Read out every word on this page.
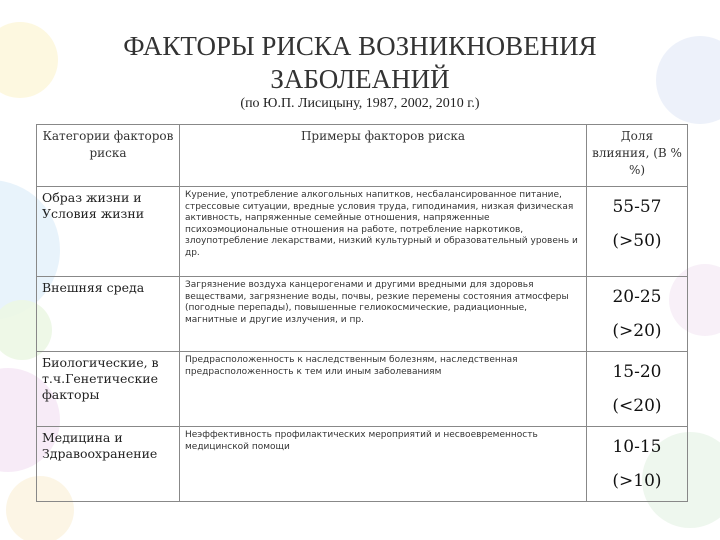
ФАКТОРЫ РИСКА ВОЗНИКНОВЕНИЯ
ЗАБОЛЕАНИЙ
(по Ю.П. Лисицыну, 1987, 2002, 2010 г.)
Категории факторов риска	Примеры факторов риска	Доля влияния, (В % %)
Образ жизни и Условия жизни	Курение, употребление алкогольных напитков, несбалансированное питание, стрессовые ситуации, вредные условия труда, гиподинамия, низкая физическая активность, напряженные семейные отношения, напряженные психоэмоциональные отношения на работе, потребление наркотиков, злоупотребление лекарствами, низкий культурный и образовательный уровень и др.	55-57
(>50)

Внешняя среда	Загрязнение воздуха канцерогенами и другими вредными для здоровья веществами, загрязнение воды, почвы, резкие перемены состояния атмосферы (погодные перепады), повышенные гелиокосмические, радиационные, магнитные и другие излучения, и пр.	20-25
(>20)

Биологические, в т.ч.Генетические факторы	Предрасположенность к наследственным болезням, наследственная предрасположенность к тем или иным заболеваниям	15-20
(<20)

Медицина и Здравоохранение	Неэффективность профилактических мероприятий и несвоевременность медицинской помощи	10-15
(>10)
